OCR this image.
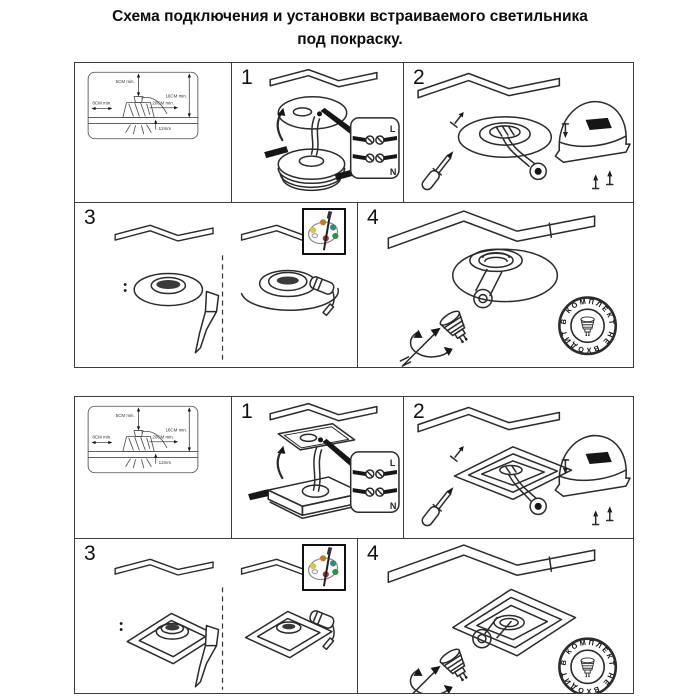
Схема подключения и установки встраиваемого светильника
под покраску.
1	2
3	4
1	2
3	4
